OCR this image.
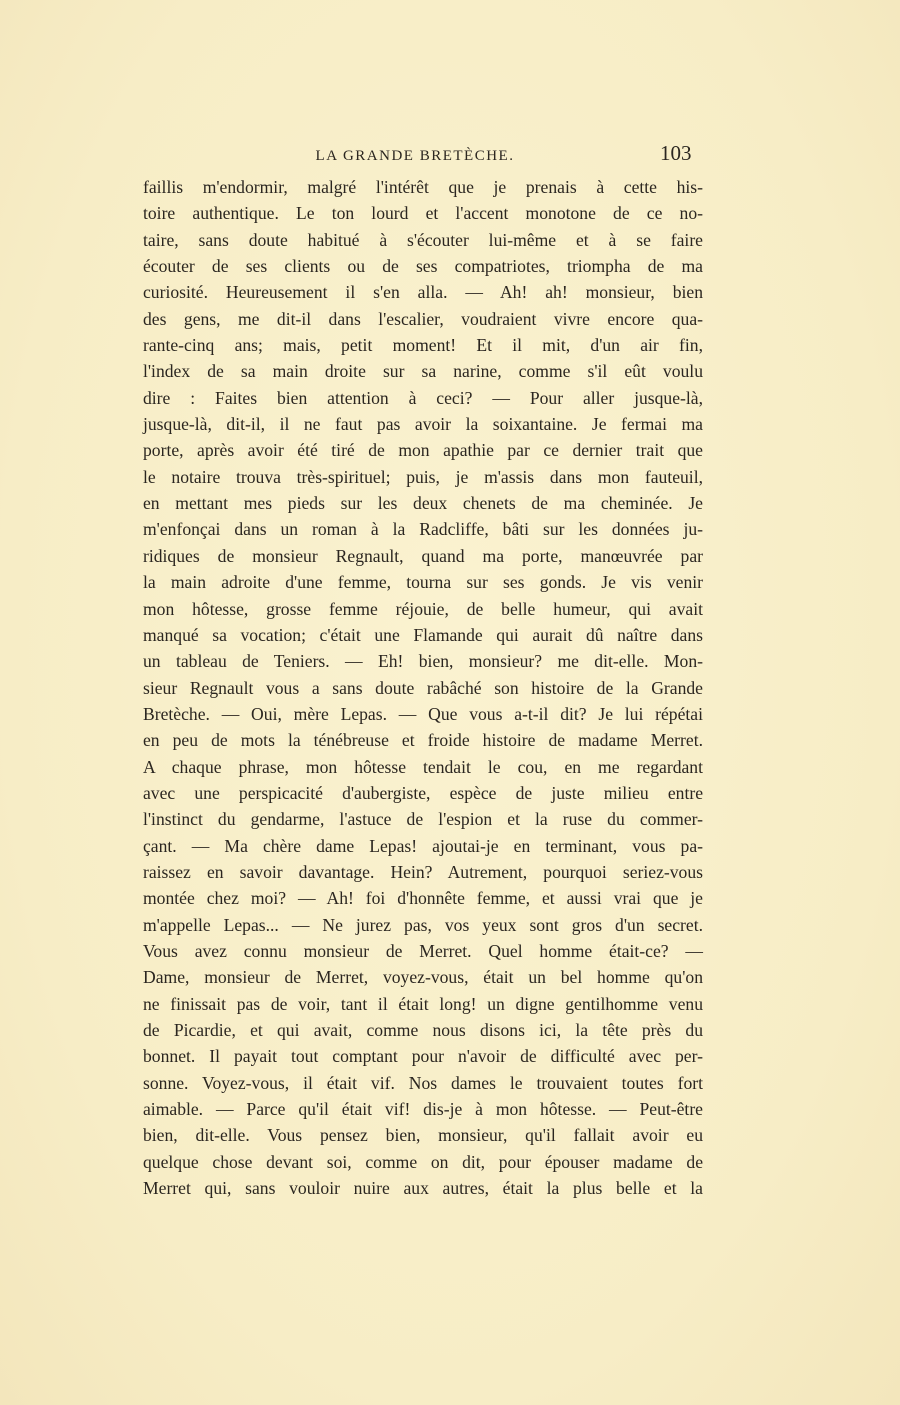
LA GRANDE BRETÈCHE.	103
faillis m'endormir, malgré l'intérêt que je prenais à cette his-
toire authentique. Le ton lourd et l'accent monotone de ce no-
taire, sans doute habitué à s'écouter lui-même et à se faire
écouter de ses clients ou de ses compatriotes, triompha de ma
curiosité. Heureusement il s'en alla. — Ah! ah! monsieur, bien
des gens, me dit-il dans l'escalier, voudraient vivre encore qua-
rante-cinq ans; mais, petit moment! Et il mit, d'un air fin,
l'index de sa main droite sur sa narine, comme s'il eût voulu
dire : Faites bien attention à ceci? — Pour aller jusque-là,
jusque-là, dit-il, il ne faut pas avoir la soixantaine. Je fermai ma
porte, après avoir été tiré de mon apathie par ce dernier trait que
le notaire trouva très-spirituel; puis, je m'assis dans mon fauteuil,
en mettant mes pieds sur les deux chenets de ma cheminée. Je
m'enfonçai dans un roman à la Radcliffe, bâti sur les données ju-
ridiques de monsieur Regnault, quand ma porte, manœuvrée par
la main adroite d'une femme, tourna sur ses gonds. Je vis venir
mon hôtesse, grosse femme réjouie, de belle humeur, qui avait
manqué sa vocation; c'était une Flamande qui aurait dû naître dans
un tableau de Teniers. — Eh! bien, monsieur? me dit-elle. Mon-
sieur Regnault vous a sans doute rabâché son histoire de la Grande
Bretèche. — Oui, mère Lepas. — Que vous a-t-il dit? Je lui répétai
en peu de mots la ténébreuse et froide histoire de madame Merret.
A chaque phrase, mon hôtesse tendait le cou, en me regardant
avec une perspicacité d'aubergiste, espèce de juste milieu entre
l'instinct du gendarme, l'astuce de l'espion et la ruse du commer-
çant. — Ma chère dame Lepas! ajoutai-je en terminant, vous pa-
raissez en savoir davantage. Hein? Autrement, pourquoi seriez-vous
montée chez moi? — Ah! foi d'honnête femme, et aussi vrai que je
m'appelle Lepas... — Ne jurez pas, vos yeux sont gros d'un secret.
Vous avez connu monsieur de Merret. Quel homme était-ce? —
Dame, monsieur de Merret, voyez-vous, était un bel homme qu'on
ne finissait pas de voir, tant il était long! un digne gentilhomme venu
de Picardie, et qui avait, comme nous disons ici, la tête près du
bonnet. Il payait tout comptant pour n'avoir de difficulté avec per-
sonne. Voyez-vous, il était vif. Nos dames le trouvaient toutes fort
aimable. — Parce qu'il était vif! dis-je à mon hôtesse. — Peut-être
bien, dit-elle. Vous pensez bien, monsieur, qu'il fallait avoir eu
quelque chose devant soi, comme on dit, pour épouser madame de
Merret qui, sans vouloir nuire aux autres, était la plus belle et la
